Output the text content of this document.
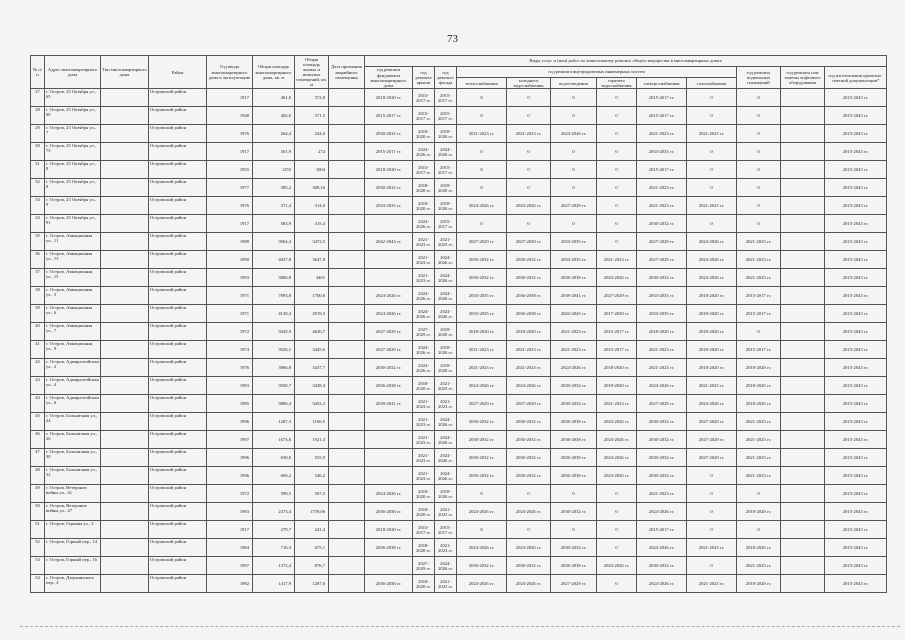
73
№ п/п	Адрес многоквартирного дома	Тип многоквартирного дома	Район	Год ввода многоквартирного дома в эксплуатацию	Общая площадь многоквартирного дома, кв. м	Общая площадь жилых и нежилых помещений, кв. м	Дата признания аварийного помещения	Виды услуг и (или) работ по капитальному ремонту общего имущества в многоквартирных домах											
								год ремонта фундамента многоквартирного дома	год ремонта крыши	год ремонта фасада	год ремонта внутридомовых инженерных систем						год ремонта подвальных помещений	год ремонта или замены лифтового оборудования	год изготовления проектно-сметной документации*
											теплоснабжения	холодного водоснабжения	водоотведения	горячего водоснабжения	электроснабжения	газоснабжения			
27	г. Остров, 25 Октября ул., 65		Островский район	1917	461,6	372,8		2018-2020 гг.	2015-2017 гг.	2015-2017 гг.	0	0	0	0	2015-2017 гг.	0	0		2015-2043 гг.
28	г. Остров, 25 Октября ул., 69		Островский район	1948	402,6	371,5		2015-2017 гг.	2015-2017 гг.	2015-2017 гг.	0	0	0	0	2015-2017 гг.	0	0		2015-2043 гг.
29	г. Остров, 25 Октября ул., 7		Островский район	1976	264,4	244,6		2030-2032 гг.	2018-2020 гг.	2018-2020 гг.	2021-2023 гг.	2021-2023 гг.	2024-2026 гг.	0	2021-2023 гг.	2021-2023 гг.	0		2015-2043 гг.
30	г. Остров, 25 Октября ул., 75		Островский район	1917	361,9	274		2015-2017 гг.	2024-2026 гг.	2024-2026 гг.	0	0	0	0	2033-2035 гг.	0	0		2015-2043 гг.
31	г. Остров, 25 Октября ул., 8		Островский район	1955	1255	1004		2018-2020 гг.	2015-2017 гг.	2015-2017 гг.	0	0	0	0	2015-2017 гг.	0	0		2015-2043 гг.
32	г. Остров, 25 Октября ул., 8		Островский район	1977	385,2	308,16		2030-2032 гг.	2018-2020 гг.	2018-2020 гг.	0	0	0	0	2021-2023 гг.	0	0		2015-2043 гг.
33	г. Остров, 25 Октября ул., 9		Островский район	1976	371,4	314,6		2033-2035 гг.	2018-2020 гг.	2018-2020 гг.	2024-2026 гг.	2024-2026 гг.	2027-2029 гг.	0	2021-2023 гг.	2021-2023 гг.	0		2015-2043 гг.
34	г. Остров, 25 Октября ул., 91		Островский район	1917	583,9	415,4			2024-2026 гг.	2015-2017 гг.	0	0	0	0	2030-2032 гг.	0	0		2015-2043 гг.
35	г. Остров, Авиационная ул., 11		Островский район	1988	3964,4	3472,5		2042-2043 гг.	2021-2023 гг.	2021-2023 гг.	2027-2029 гг.	2027-2029 гг.	2033-2035 гг.	0	2027-2029 гг.	2024-2026 гг.	2021-2023 гг.		2015-2043 гг.
36	г. Остров, Авиационная ул., 13		Островский район	1990	4027,8	3647,8			2021-2023 гг.	2024-2026 гг.	2030-2032 гг.	2030-2032 гг.	2033-2035 гг.	2021-2023 гг.	2027-2029 гг.	2024-2026 гг.	2021-2023 гг.		2015-2043 гг.
37	г. Остров, Авиационная ул., 15		Островский район	1993	3800,8	3401			2021-2023 гг.	2024-2026 гг.	2030-2032 гг.	2030-2032 гг.	2036-2038 гг.	2024-2026 гг.	2030-2032 гг.	2024-2026 гг.	2021-2023 гг.		2015-2043 гг.
38	г. Остров, Авиационная ул., 5		Островский район	1971	7893,8	1700,6		2024-2026 гг.	2024-2026 гг.	2024-2026 гг.	2033-2035 гг.	2036-2038 гг.	2039-2041 гг.	2027-2029 гг.	2033-2035 гг.	2018-2020 гг.	2015-2017 гг.		2015-2043 гг.
39	г. Остров, Авиационная ул., 6		Островский район	1971	4139,4	2919,3		2024-2026 гг.	2024-2026 гг.	2024-2026 гг.	2033-2035 гг.	2036-2038 гг.	2042-2043 гг.	2017-2029 гг.	2033-2035 гг.	2018-2020 гг.	2015-2017 гг.		2015-2043 гг.
40	г. Остров, Авиационная ул., 7		Островский район	1972	5045,9	4630,7		2027-2029 гг.	2027-2029 гг.	2018-2020 гг.	2018-2020 гг.	2018-2020 гг.	2021-2023 гг.	2015-2017 гг.	2018-2020 гг.	2018-2020 гг.	0		2015-2043 гг.
41	г. Остров, Авиационная ул., 9		Островский район	1974	3926,1	3445,6		2027-2029 гг.	2024-2026 гг.	2018-2020 гг.	2021-2023 гг.	2021-2023 гг.	2021-2023 гг.	2015-2017 гг.	2021-2023 гг.	2018-2020 гг.	2015-2017 гг.		2015-2043 гг.
42	г. Остров, Адмиралтейская ул., 2		Островский район	1976	3966,8	3437,7		2030-2032 гг.	2024-2026 гг.	2018-2020 гг.	2021-2023 гг.	2021-2023 гг.	2024-2026 гг.	2018-2020 гг.	2021-2023 гг.	2018-2020 гг.	2018-2020 гг.		2015-2043 гг.
43	г. Остров, Адмиралтейская ул., 4		Островский район	1983	3920,7	3438,4		2036-2038 гг.	2018-2020 гг.	2021-2023 гг.	2024-2026 гг.	2024-2026 гг.	2030-2032 гг.	2018-2020 гг.	2024-2026 гг.	2021-2023 гг.	2018-2020 гг.		2015-2043 гг.
44	г. Остров, Адмиралтейская ул., 6		Островский район	1985	3880,4	3452,3		2039-2041 гг.	2021-2023 гг.	2021-2023 гг.	2027-2029 гг.	2027-2029 гг.	2030-2032 гг.	2021-2023 гг.	2027-2029 гг.	2024-2026 гг.	2018-2020 гг.		2015-2043 гг.
45	г. Остров, Больничная ул., 24		Островский район	1996	1287,3	1166,5			2021-2023 гг.	2024-2026 гг.	2030-2032 гг.	2030-2032 гг.	2036-2038 гг.	2024-2026 гг.	2030-2032 гг.	2027-2029 гг.	2021-2023 гг.		2015-2043 гг.
46	г. Остров, Больничная ул., 26		Островский район	1997	1673,6	1921,3			2021-2023 гг.	2024-2026 гг.	2030-2032 гг.	2030-2032 гг.	2036-2038 гг.	2024-2026 гг.	2030-2032 гг.	2027-2029 гг.	2021-2023 гг.		2015-2043 гг.
47	г. Остров, Больничная ул., 30		Островский район	1996	638,6	555,9			2021-2023 гг.	2024-2026 гг.	2030-2032 гг.	2030-2032 гг.	2036-2038 гг.	2024-2026 гг.	2030-2032 гг.	2027-2029 гг.	2021-2023 гг.		2015-2043 гг.
48	г. Остров, Больничная ул., 32		Островский район	1996	669,2	546,2			2021-2023 гг.	2024-2026 гг.	2030-2032 гг.	2030-2032 гг.	2036-2038 гг.	2024-2026 гг.	2030-2032 гг.	0	2021-2023 гг.		2015-2043 гг.
49	г. Остров, Ветеранов войны ул., 41		Островский район	1972	599,5	507,5		2024-2026 гг.	2018-2020 гг.	2018-2020 гг.	0	0	0	0	2021-2023 гг.	0	0		2015-2043 гг.
50	г. Остров, Ветеранов войны ул., 47		Островский район	1983	2473,4	1759,06		2036-2038 гг.	2018-2020 гг.	2021-2023 гг.	2024-2026 гг.	2024-2026 гг.	2030-2032 гг.	0	2024-2026 гг.	0	2018-2020 гг.		2015-2043 гг.
51	г. Остров, Германа ул., 3		Островский район	1917	279,7	241,4		2018-2020 гг.	2015-2017 гг.	2015-2017 гг.	0	0	0	0	2015-2017 гг.	0	0		2015-2043 гг.
52	г. Остров, Горный пер., 14		Островский район	1984	716,3	675,1		2036-2038 гг.	2018-2020 гг.	2021-2023 гг.	2024-2026 гг.	2024-2026 гг.	2030-2032 гг.	0	2024-2026 гг.	2021-2023 гг.	2018-2020 гг.		2015-2043 гг.
53	г. Остров, Горный пер., 16		Островский район	1997	1372,4	876,7			2027-2029 гг.	2024-2026 гг.	2030-2032 гг.	2030-2032 гг.	2036-2038 гг.	2024-2026 гг.	2030-2032 гг.	0	2021-2023 гг.		2015-2043 гг.
54	г. Остров, Дзержинского пер., 4		Островский район	1982	1417,9	1287,6		2036-2038 гг.	2018-2020 гг.	2021-2023 гг.	2024-2026 гг.	2024-2026 гг.	2027-2029 гг.	0	2024-2026 гг.	2021-2023 гг.	2018-2020 гг.		2015-2043 гг.
